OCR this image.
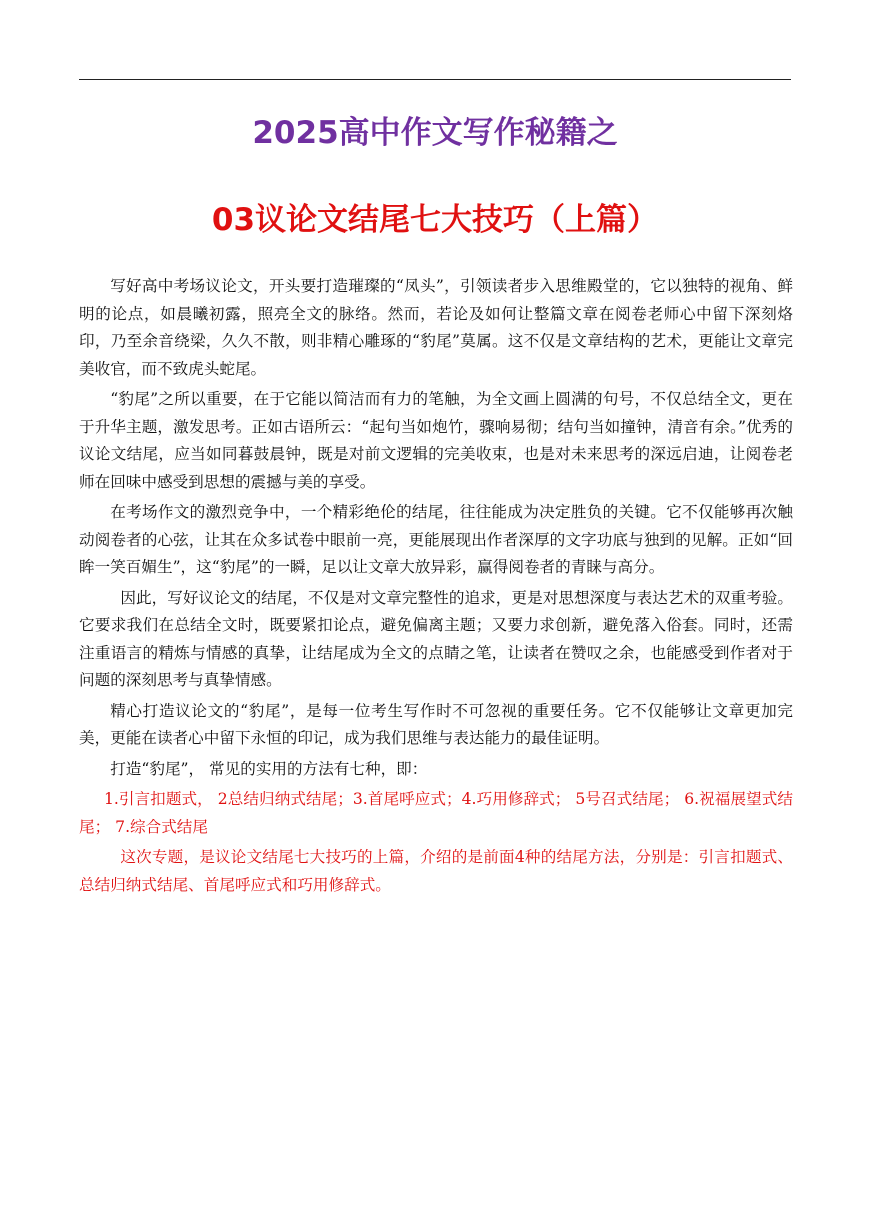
2025高中作文写作秘籍之
03议论文结尾七大技巧（上篇）

写好高中考场议论文，开头要打造璀璨的“凤头”，引领读者步入思维殿堂的，它以独特的视角、鲜明的论点，如晨曦初露，照亮全文的脉络。然而，若论及如何让整篇文章在阅卷老师心中留下深刻烙印，乃至余音绕梁，久久不散，则非精心雕琢的“豹尾”莫属。这不仅是文章结构的艺术，更能让文章完美收官，而不致虎头蛇尾。

“豹尾”之所以重要，在于它能以简洁而有力的笔触，为全文画上圆满的句号，不仅总结全文，更在于升华主题，激发思考。正如古语所云：“起句当如炮竹，骤响易彻；结句当如撞钟，清音有余。”优秀的议论文结尾，应当如同暮鼓晨钟，既是对前文逻辑的完美收束，也是对未来思考的深远启迪，让阅卷老师在回味中感受到思想的震撼与美的享受。

在考场作文的激烈竞争中，一个精彩绝伦的结尾，往往能成为决定胜负的关键。它不仅能够再次触动阅卷者的心弦，让其在众多试卷中眼前一亮，更能展现出作者深厚的文字功底与独到的见解。正如“回眸一笑百媚生”，这“豹尾”的一瞬，足以让文章大放异彩，赢得阅卷者的青睐与高分。

因此，写好议论文的结尾，不仅是对文章完整性的追求，更是对思想深度与表达艺术的双重考验。它要求我们在总结全文时，既要紧扣论点，避免偏离主题；又要力求创新，避免落入俗套。同时，还需注重语言的精炼与情感的真挚，让结尾成为全文的点睛之笔，让读者在赞叹之余，也能感受到作者对于问题的深刻思考与真挚情感。

精心打造议论文的“豹尾”，是每一位考生写作时不可忽视的重要任务。它不仅能够让文章更加完美，更能在读者心中留下永恒的印记，成为我们思维与表达能力的最佳证明。

打造“豹尾”， 常见的实用的方法有七种，即：

1.引言扣题式， 2总结归纳式结尾；3.首尾呼应式；4.巧用修辞式； 5号召式结尾； 6.祝福展望式结尾； 7.综合式结尾

这次专题，是议论文结尾七大技巧的上篇，介绍的是前面4种的结尾方法，分别是：引言扣题式、总结归纳式结尾、首尾呼应式和巧用修辞式。
